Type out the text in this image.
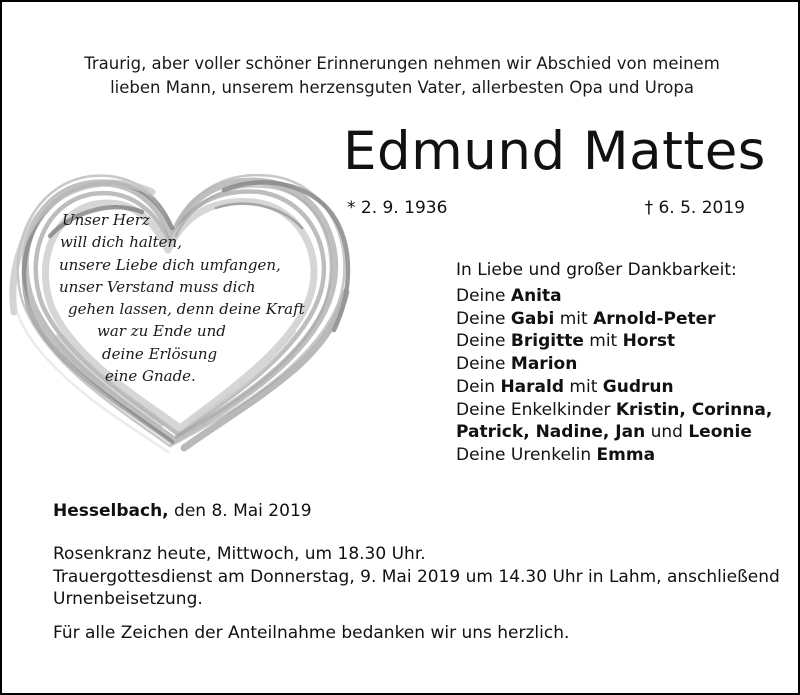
Traurig, aber voller schöner Erinnerungen nehmen wir Abschied von meinem
lieben Mann, unserem herzensguten Vater, allerbesten Opa und Uropa
Edmund Mattes
* 2. 9. 1936	† 6. 5. 2019
Unser Herz
will dich halten,
unsere Liebe dich umfangen,
unser Verstand muss dich
gehen lassen, denn deine Kraft
war zu Ende und
deine Erlösung
eine Gnade.
In Liebe und großer Dankbarkeit:
Deine Anita
Deine Gabi mit Arnold-Peter
Deine Brigitte mit Horst
Deine Marion
Dein Harald mit Gudrun
Deine Enkelkinder Kristin, Corinna,
Patrick, Nadine, Jan und Leonie
Deine Urenkelin Emma
Hesselbach, den 8. Mai 2019
Rosenkranz heute, Mittwoch, um 18.30 Uhr.
Trauergottesdienst am Donnerstag, 9. Mai 2019 um 14.30 Uhr in Lahm, anschließend
Urnenbeisetzung.
Für alle Zeichen der Anteilnahme bedanken wir uns herzlich.
